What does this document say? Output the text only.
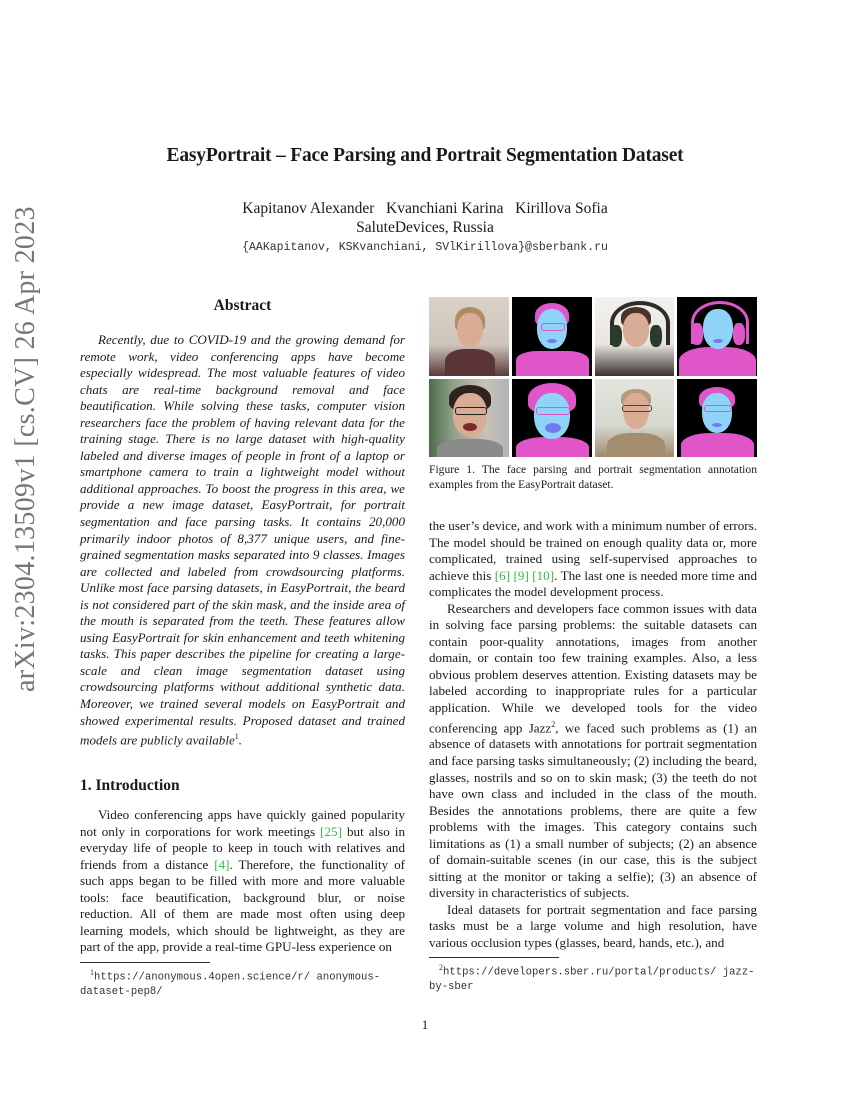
arXiv:2304.13509v1 [cs.CV] 26 Apr 2023
EasyPortrait – Face Parsing and Portrait Segmentation Dataset
Kapitanov Alexander   Kvanchiani Karina   Kirillova Sofia
SaluteDevices, Russia
{AAKapitanov, KSKvanchiani, SVlKirillova}@sberbank.ru
Abstract

Recently, due to COVID-19 and the growing demand for remote work, video conferencing apps have become especially widespread. The most valuable features of video chats are real-time background removal and face beautification. While solving these tasks, computer vision researchers face the problem of having relevant data for the training stage. There is no large dataset with high-quality labeled and diverse images of people in front of a laptop or smartphone camera to train a lightweight model without additional approaches. To boost the progress in this area, we provide a new image dataset, EasyPortrait, for portrait segmentation and face parsing tasks. It contains 20,000 primarily indoor photos of 8,377 unique users, and fine-grained segmentation masks separated into 9 classes. Images are collected and labeled from crowdsourcing platforms. Unlike most face parsing datasets, in EasyPortrait, the beard is not considered part of the skin mask, and the inside area of the mouth is separated from the teeth. These features allow using EasyPortrait for skin enhancement and teeth whitening tasks. This paper describes the pipeline for creating a large-scale and clean image segmentation dataset using crowdsourcing platforms without additional synthetic data. Moreover, we trained several models on EasyPortrait and showed experimental results. Proposed dataset and trained models are publicly available$^1$.

1. Introduction

Video conferencing apps have quickly gained popularity not only in corporations for work meetings [25] but also in everyday life of people to keep in touch with relatives and friends from a distance [4]. Therefore, the functionality of such apps began to be filled with more and more valuable tools: face beautification, background blur, or noise reduction. All of them are made most often using deep learning models, which should be lightweight, as they are part of the app, provide a real-time GPU-less experience on

$^1$https://anonymous.4open.science/r/ anonymous-dataset-pep8/
Figure 1. The face parsing and portrait segmentation annotation examples from the EasyPortrait dataset.

the user’s device, and work with a minimum number of errors. The model should be trained on enough quality data or, more complicated, trained using self-supervised approaches to achieve this [6] [9] [10]. The last one is needed more time and complicates the model development process.

Researchers and developers face common issues with data in solving face parsing problems: the suitable datasets can contain poor-quality annotations, images from another domain, or contain too few training examples. Also, a less obvious problem deserves attention. Existing datasets may be labeled according to inappropriate rules for a particular application. While we developed tools for the video conferencing app Jazz$^2$, we faced such problems as (1) an absence of datasets with annotations for portrait segmentation and face parsing tasks simultaneously; (2) including the beard, glasses, nostrils and so on to skin mask; (3) the teeth do not have own class and included in the class of the mouth. Besides the annotations problems, there are quite a few problems with the images. This category contains such limitations as (1) a small number of subjects; (2) an absence of domain-suitable scenes (in our case, this is the subject sitting at the monitor or taking a selfie); (3) an absence of diversity in characteristics of subjects.

Ideal datasets for portrait segmentation and face parsing tasks must be a large volume and high resolution, have various occlusion types (glasses, beard, hands, etc.), and

$^2$https://developers.sber.ru/portal/products/ jazz-by-sber
1
